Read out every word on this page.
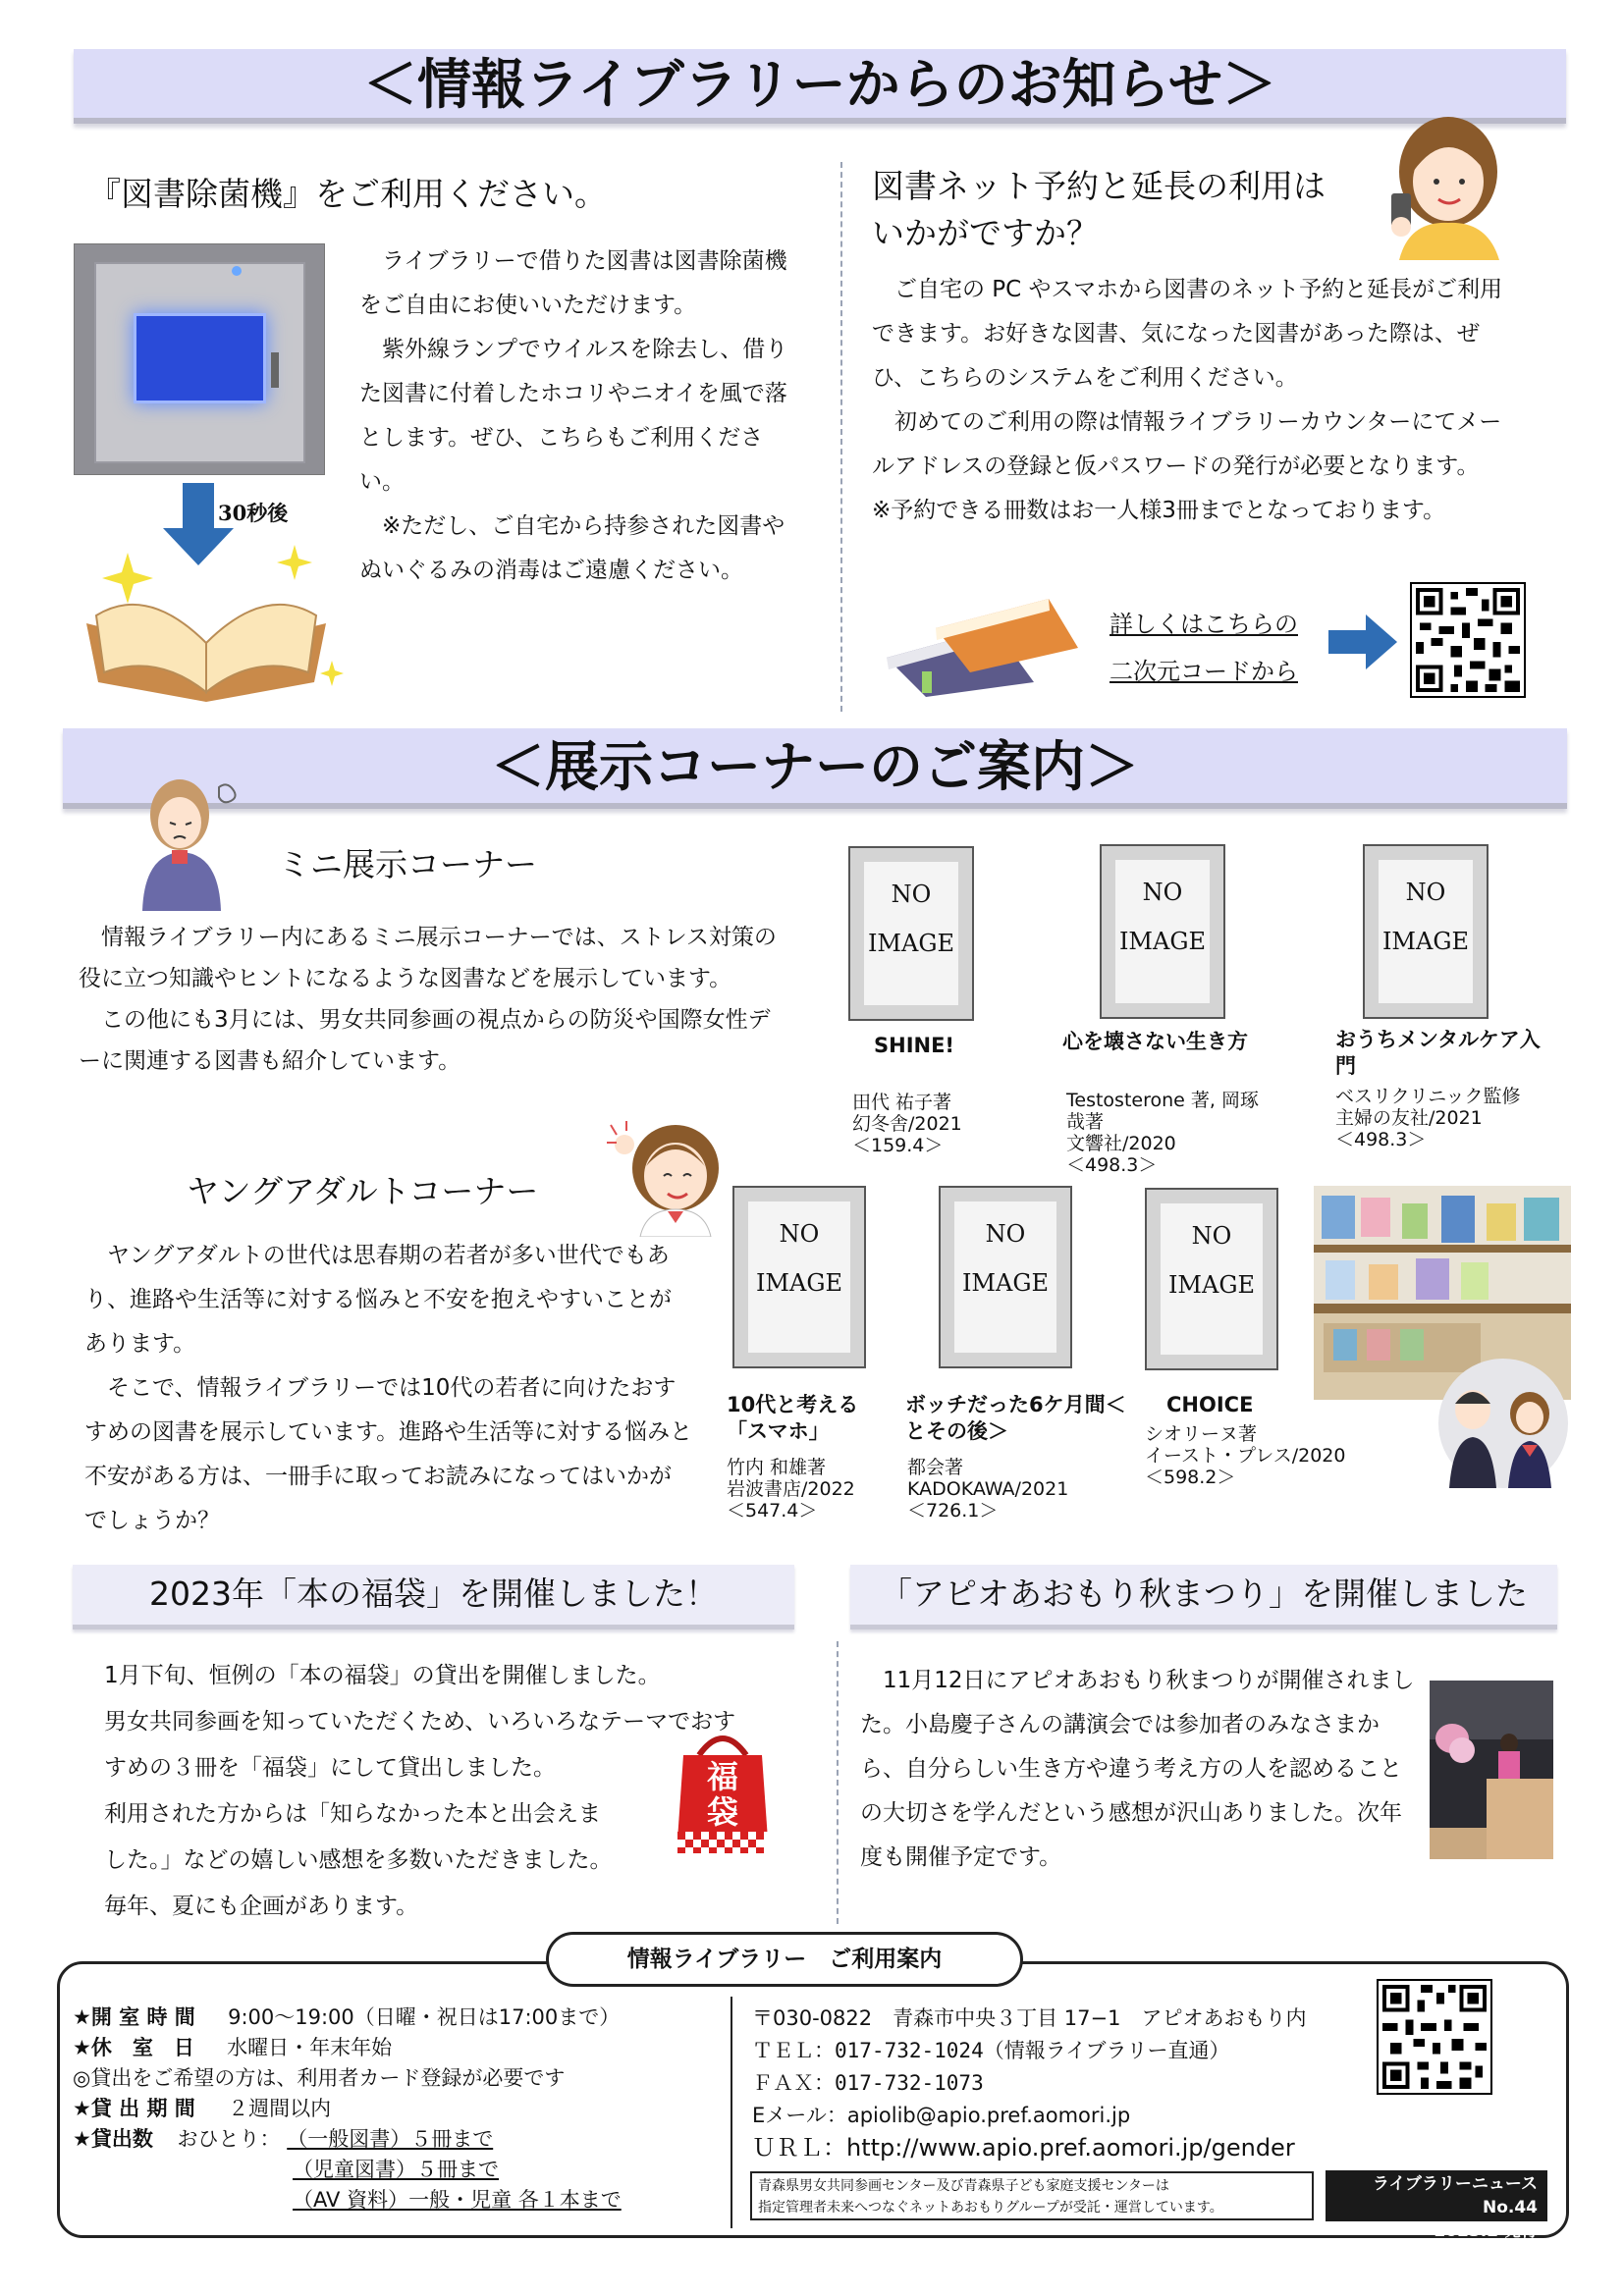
＜情報ライブラリーからのお知らせ＞
『図書除菌機』をご利用ください。
30秒後

ライブラリーで借りた図書は図書除菌機をご自由にお使いいただけます。

紫外線ランプでウイルスを除去し、借りた図書に付着したホコリやニオイを風で落とします。ぜひ、こちらもご利用ください。

※ただし、ご自宅から持参された図書やぬいぐるみの消毒はご遠慮ください。

図書ネット予約と延長の利用は
いかがですか？

ご自宅の PC やスマホから図書のネット予約と延長がご利用できます。お好きな図書、気になった図書があった際は、ぜひ、こちらのシステムをご利用ください。

初めてのご利用の際は情報ライブラリーカウンターにてメールアドレスの登録と仮パスワードの発行が必要となります。

※予約できる冊数はお一人様3冊までとなっております。
詳しくはこちらの
二次元コードから
＜展示コーナーのご案内＞
ミニ展示コーナー

情報ライブラリー内にあるミニ展示コーナーでは、ストレス対策の役に立つ知識やヒントになるような図書などを展示しています。

この他にも3月には、男女共同参画の視点からの防災や国際女性デーに関連する図書も紹介しています。

ヤングアダルトコーナー

ヤングアダルトの世代は思春期の若者が多い世代でもあり、進路や生活等に対する悩みと不安を抱えやすいことがあります。

そこで、情報ライブラリーでは10代の若者に向けたおすすめの図書を展示しています。進路や生活等に対する悩みと不安がある方は、一冊手に取ってお読みになってはいかがでしょうか？

NO
IMAGE
SHINE!
田代 祐子著
幻冬舎/2021
＜159.4＞
NO
IMAGE
心を壊さない生き方
Testosterone 著, 岡琢哉著
文響社/2020
＜498.3＞
NO
IMAGE
おうちメンタルケア入門
ベスリクリニック監修
主婦の友社/2021
＜498.3＞
NO
IMAGE
10代と考える「スマホ」
竹内 和雄著
岩波書店/2022
＜547.4＞
NO
IMAGE
ボッチだった6ケ月間＜とその後＞
都会著
KADOKAWA/2021
＜726.1＞
NO
IMAGE
CHOICE
シオリーヌ著
イースト・プレス/2020
＜598.2＞
2023年「本の福袋」を開催しました！
1月下旬、恒例の「本の福袋」の貸出を開催しました。
男女共同参画を知っていただくため、いろいろなテーマでおす
すめの３冊を「福袋」にして貸出しました。
利用された方からは「知らなかった本と出会えま
した。」などの嬉しい感想を多数いただきました。
毎年、夏にも企画があります。
福袋
「アピオあおもり秋まつり」を開催しました

11月12日にアピオあおもり秋まつりが開催されました。小島慶子さんの講演会では参加者のみなさまから、自分らしい生き方や違う考え方の人を認めることの大切さを学んだという感想が沢山ありました。次年度も開催予定です。

情報ライブラリー　ご利用案内
★開 室 時 間 9:00～19:00（日曜・祝日は17:00まで）
★休　室　日 水曜日・年末年始
◎貸出をご希望の方は、利用者カード登録が必要です
★貸 出 期 間 ２週間以内
★貸出数 おひとり： （一般図書）５冊まで
（児童図書）５冊まで
（AV 資料）一般・児童 各１本まで
〒030-0822　青森市中央３丁目 17−1　アピオあおもり内
ＴＥＬ：017-732-1024（情報ライブラリー直通）
ＦＡＸ：017-732-1073
Eメール：apiolib@apio.pref.aomori.jp
ＵＲＬ：http://www.apio.pref.aomori.jp/gender
青森県男女共同参画センター及び青森県子ども家庭支援センターは
指定管理者未来へつなぐネットあおもりグループが受託・運営しています。
ライブラリーニュース No.44
2023.2 発行
